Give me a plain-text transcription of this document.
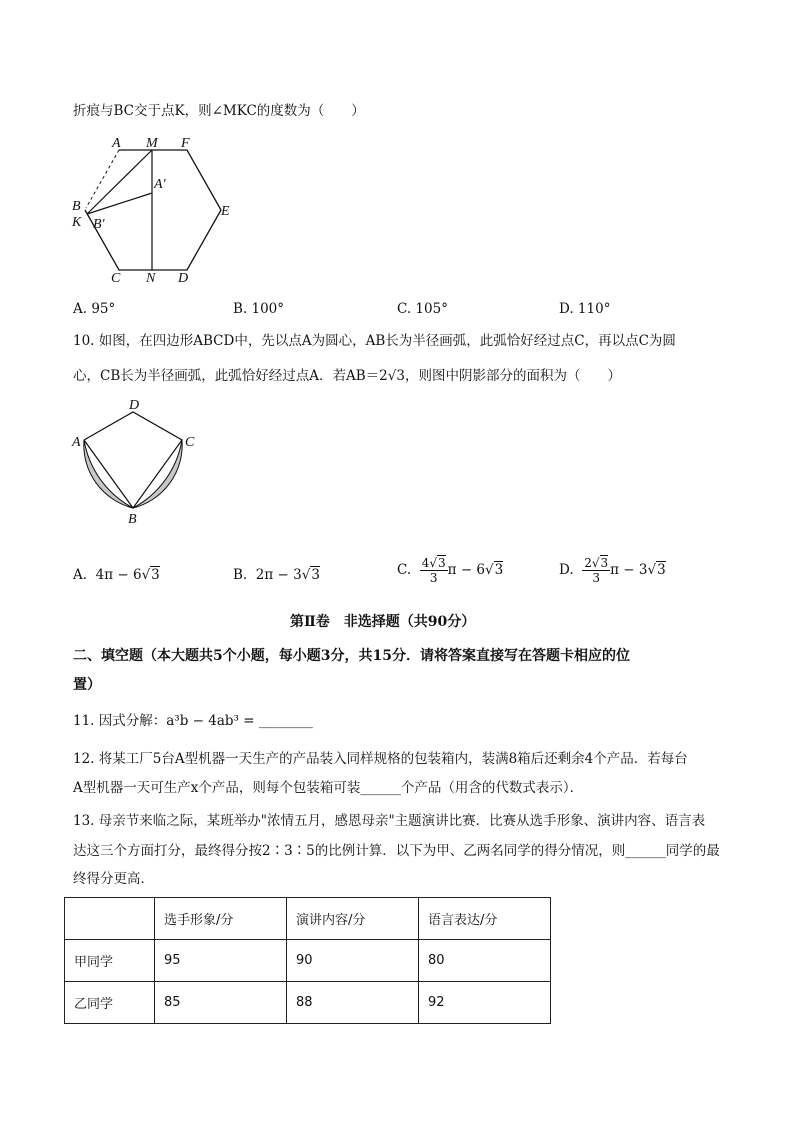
折痕与BC交于点K，则∠MKC的度数为（　　）
A M F
A′
B
K B′
E
C N D
A. 95°	B. 100°	C. 105°	D. 110°
10. 如图，在四边形ABCD中，先以点A为圆心，AB长为半径画弧，此弧恰好经过点C，再以点C为圆
心，CB长为半径画弧，此弧恰好经过点A．若AB＝2√3，则图中阴影部分的面积为（　　）
D
A	C
B
A.  4π − 6√3	B.  2π − 3√3	C. $\frac{4√3}{3}$ π − 6√3	D. $\frac{2√3}{3}$ π − 3√3
第Ⅱ卷　非选择题（共90分）
二、填空题（本大题共5个小题，每小题3分，共15分．请将答案直接写在答题卡相应的位
置）
11. 因式分解：a³b − 4ab³ = ________
12. 将某工厂5台A型机器一天生产的产品装入同样规格的包装箱内，装满8箱后还剩余4个产品．若每台
A型机器一天可生产x个产品，则每个包装箱可装______个产品（用含的代数式表示）．
13. 母亲节来临之际，某班举办"浓情五月，感恩母亲"主题演讲比赛．比赛从选手形象、演讲内容、语言表
达这三个方面打分，最终得分按2∶3∶5的比例计算．以下为甲、乙两名同学的得分情况，则______同学的最
终得分更高．
	选手形象/分	演讲内容/分	语言表达/分
甲同学	95	90	80
乙同学	85	88	92
